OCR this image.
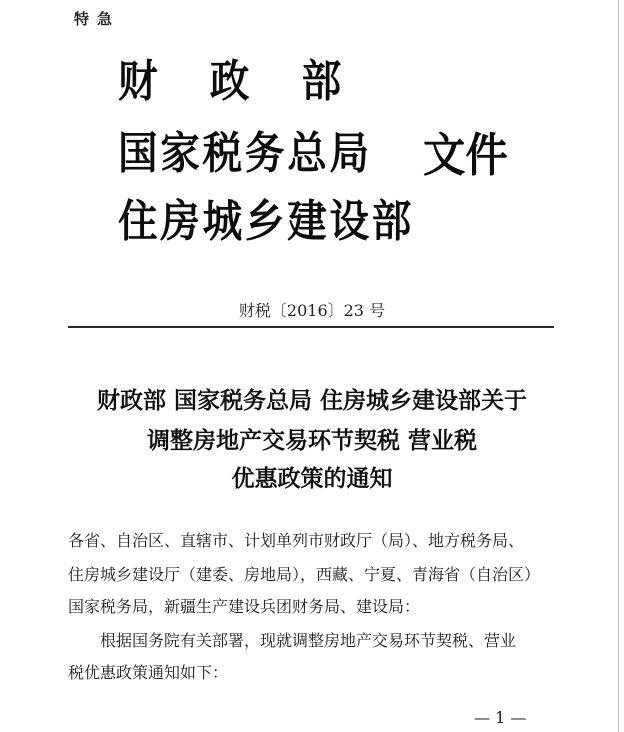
特急
财政部
国家税务总局
住房城乡建设部
文件
财税〔2016〕23 号
财政部 国家税务总局 住房城乡建设部关于
调整房地产交易环节契税 营业税
优惠政策的通知
各省、自治区、直辖市、计划单列市财政厅（局）、地方税务局、
住房城乡建设厅（建委、房地局），西藏、宁夏、青海省（自治区）
国家税务局，新疆生产建设兵团财务局、建设局：
根据国务院有关部署，现就调整房地产交易环节契税、营业
税优惠政策通知如下：
— 1 —
